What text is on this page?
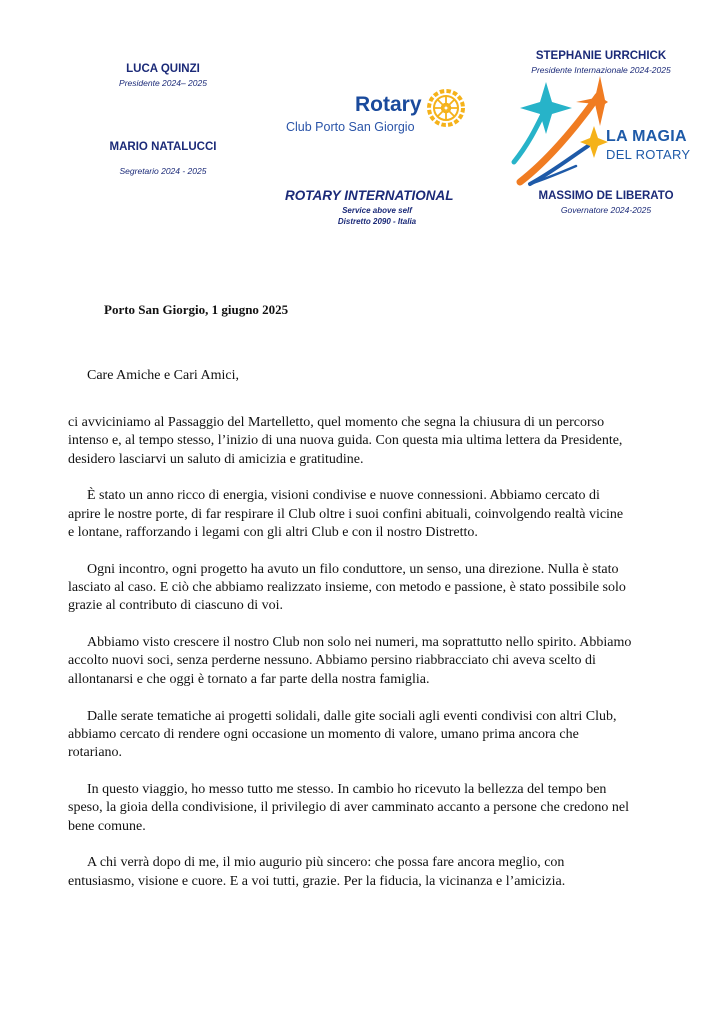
LUCA QUINZI
Presidente 2024– 2025
MARIO NATALUCCI
Segretario 2024 - 2025
Rotary
Club Porto San Giorgio
ROTARY INTERNATIONAL
Service above self
Distretto 2090 - Italia
STEPHANIE URRCHICK
Presidente Internazionale 2024-2025
LA MAGIA
DEL ROTARY
MASSIMO DE LIBERATO
Governatore 2024-2025
Porto San Giorgio, 1 giugno 2025
Care Amiche e Cari Amici,

ci avviciniamo al Passaggio del Martelletto, quel momento che segna la chiusura di un percorso
intenso e, al tempo stesso, l’inizio di una nuova guida. Con questa mia ultima lettera da Presidente,
desidero lasciarvi un saluto di amicizia e gratitudine.

È stato un anno ricco di energia, visioni condivise e nuove connessioni. Abbiamo cercato di
aprire le nostre porte, di far respirare il Club oltre i suoi confini abituali, coinvolgendo realtà vicine
e lontane, rafforzando i legami con gli altri Club e con il nostro Distretto.

Ogni incontro, ogni progetto ha avuto un filo conduttore, un senso, una direzione. Nulla è stato
lasciato al caso. E ciò che abbiamo realizzato insieme, con metodo e passione, è stato possibile solo
grazie al contributo di ciascuno di voi.

Abbiamo visto crescere il nostro Club non solo nei numeri, ma soprattutto nello spirito. Abbiamo
accolto nuovi soci, senza perderne nessuno. Abbiamo persino riabbracciato chi aveva scelto di
allontanarsi e che oggi è tornato a far parte della nostra famiglia.

Dalle serate tematiche ai progetti solidali, dalle gite sociali agli eventi condivisi con altri Club,
abbiamo cercato di rendere ogni occasione un momento di valore, umano prima ancora che
rotariano.

In questo viaggio, ho messo tutto me stesso. In cambio ho ricevuto la bellezza del tempo ben
speso, la gioia della condivisione, il privilegio di aver camminato accanto a persone che credono nel
bene comune.

A chi verrà dopo di me, il mio augurio più sincero: che possa fare ancora meglio, con
entusiasmo, visione e cuore. E a voi tutti, grazie. Per la fiducia, la vicinanza e l’amicizia.
